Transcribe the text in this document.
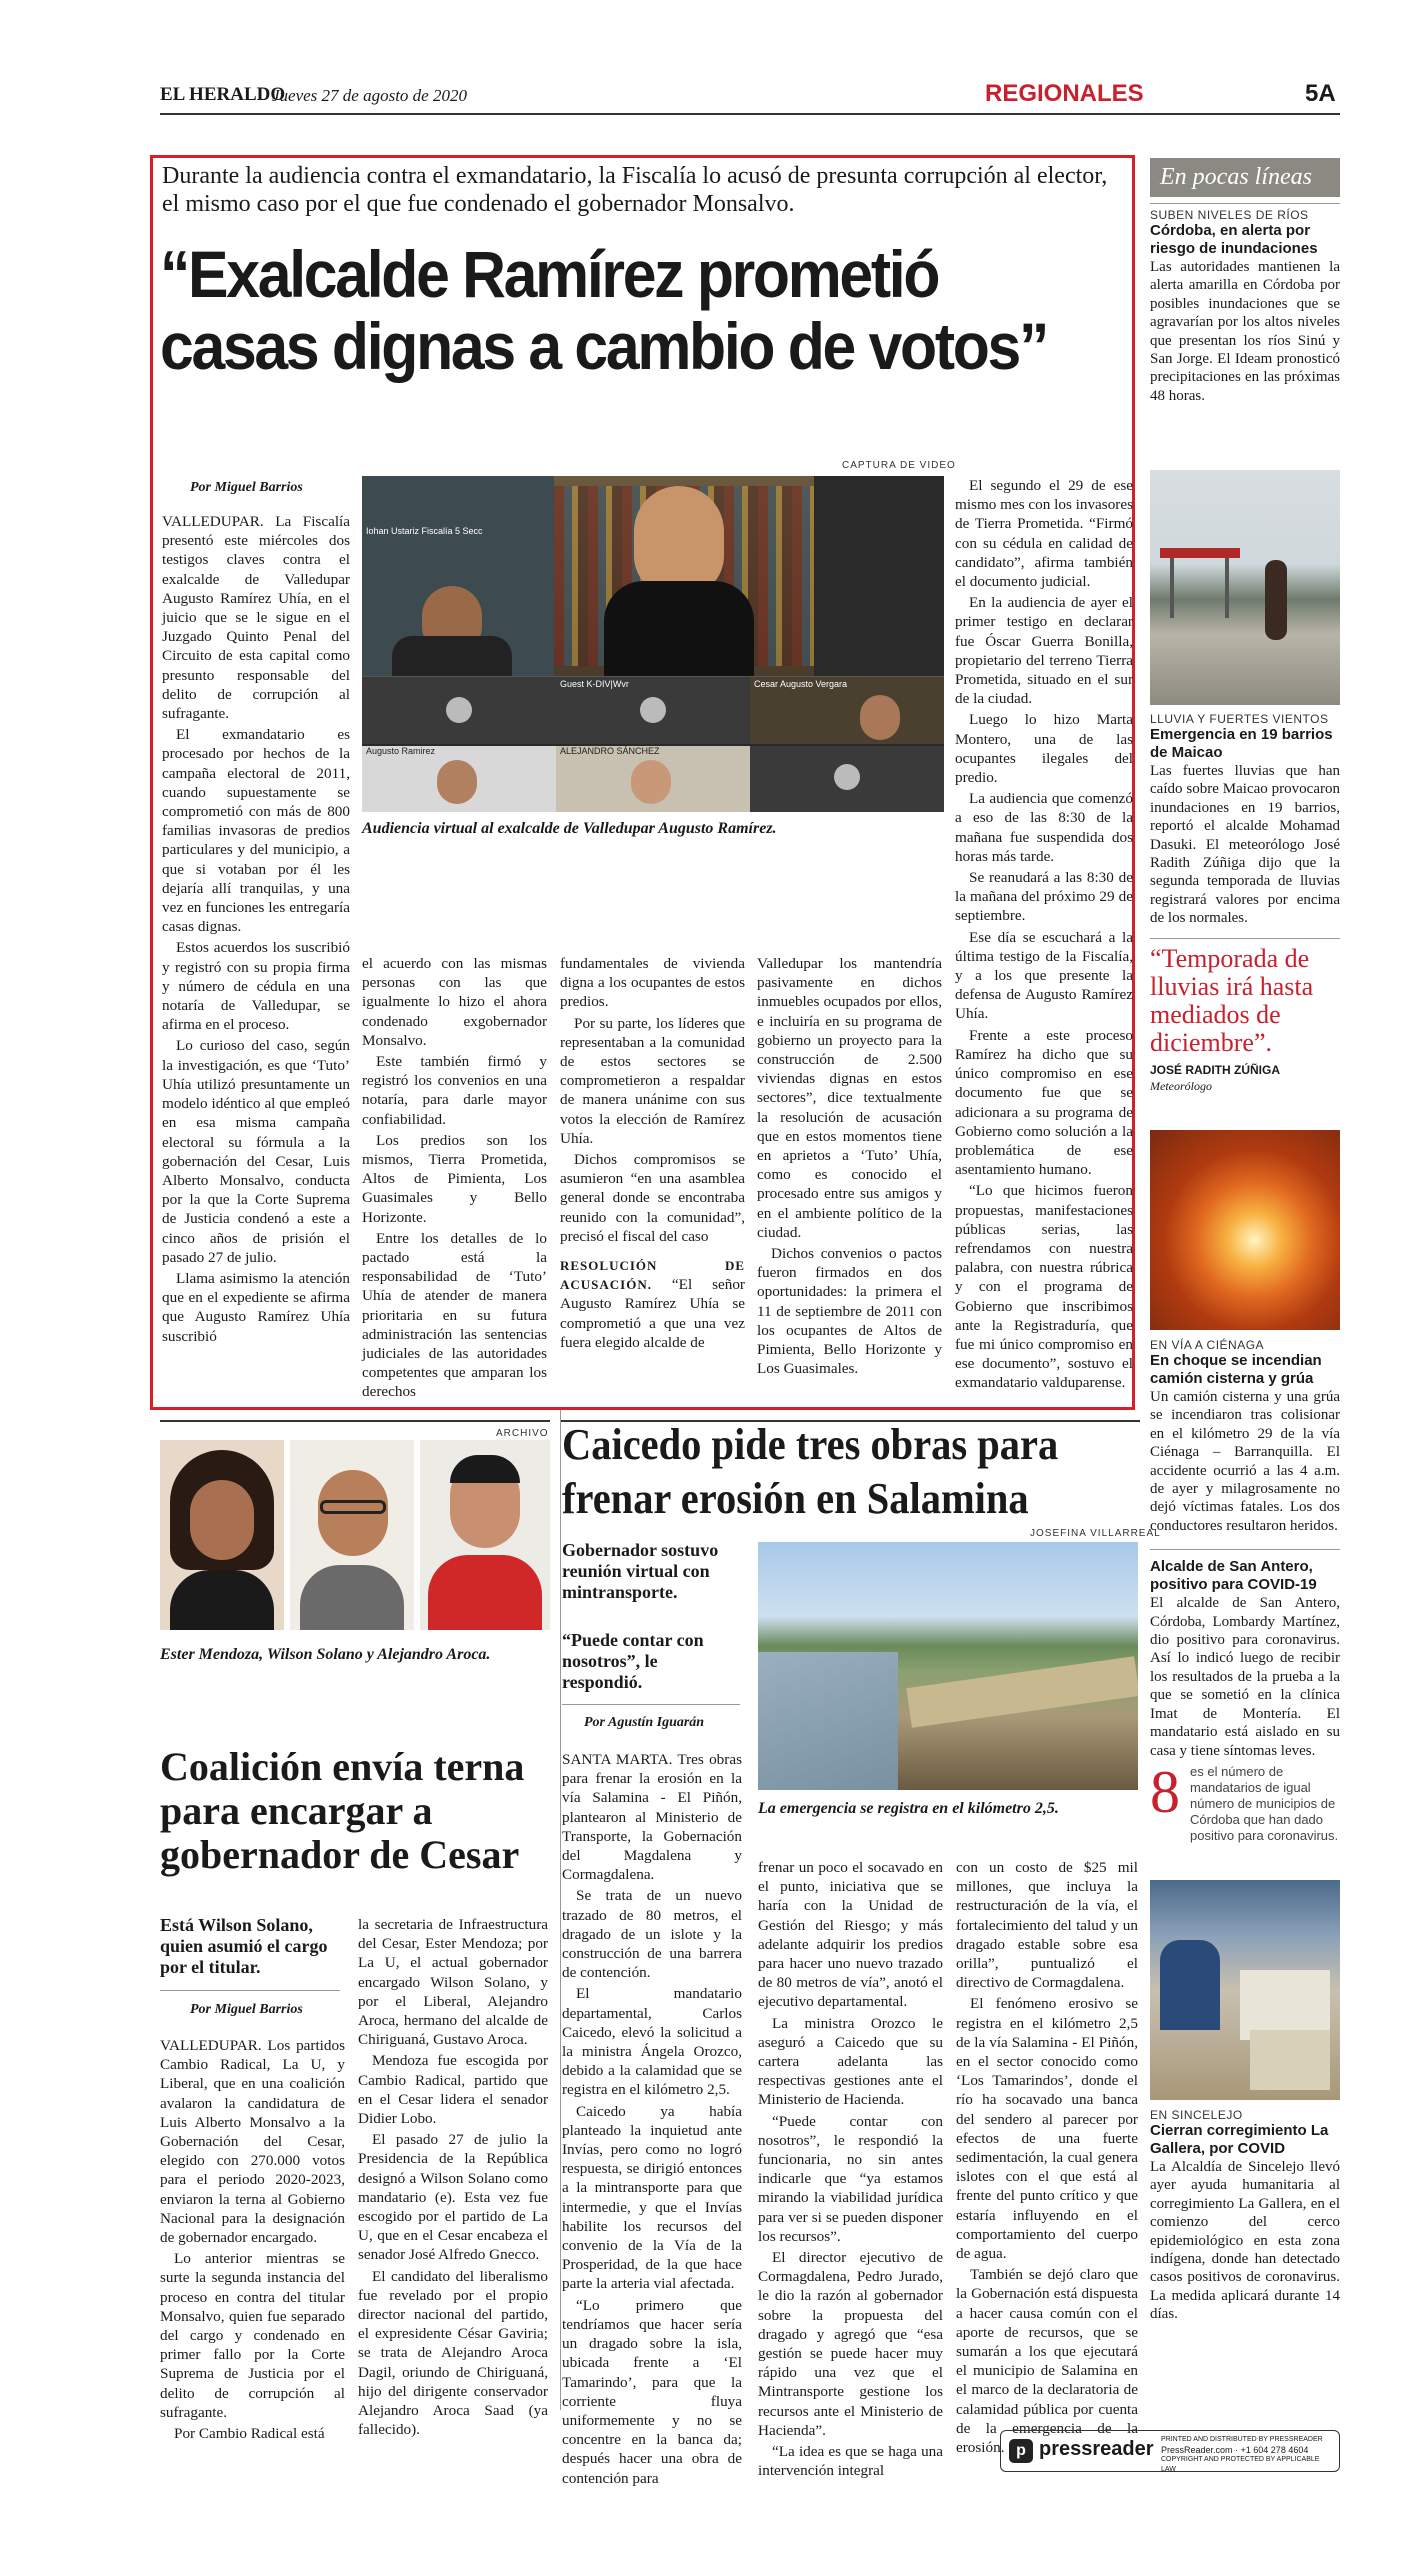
EL HERALDO
Jueves 27 de agosto de 2020	REGIONALES	5A
Durante la audiencia contra el exmandatario, la Fiscalía lo acusó de presunta corrupción al elector, el mismo caso por el que fue condenado el gobernador Monsalvo.
“Exalcalde Ramírez prometió
casas dignas a cambio de votos”
Por Miguel Barrios
CAPTURA DE VIDEO
Iohan Ustariz Fiscalía 5 Secc
Guest K-DIV|Wvr	Cesar Augusto Vergara
Augusto Ramirez	ALEJANDRO SÁNCHEZ
Audiencia virtual al exalcalde de Valledupar Augusto Ramírez.

VALLEDUPAR. La Fiscalía presentó este miércoles dos testigos claves contra el exalcalde de Valledupar Augusto Ramírez Uhía, en el juicio que se le sigue en el Juzgado Quinto Penal del Circuito de esta capital como presunto responsable del delito de corrupción al sufragante.

El exmandatario es procesado por hechos de la campaña electoral de 2011, cuando supuestamente se comprometió con más de 800 familias invasoras de predios particulares y del municipio, a que si votaban por él les dejaría allí tranquilas, y una vez en funciones les entregaría casas dignas.

Estos acuerdos los suscribió y registró con su propia firma y número de cédula en una notaría de Valledupar, se afirma en el proceso.

Lo curioso del caso, según la investigación, es que ‘Tuto’ Uhía utilizó presuntamente un modelo idéntico al que empleó en esa misma campaña electoral su fórmula a la gobernación del Cesar, Luis Alberto Monsalvo, conducta por la que la Corte Suprema de Justicia condenó a este a cinco años de prisión el pasado 27 de julio.

Llama asimismo la atención que en el expediente se afirma que Augusto Ramírez Uhía suscribió

el acuerdo con las mismas personas con las que igualmente lo hizo el ahora condenado exgobernador Monsalvo.

Este también firmó y registró los convenios en una notaría, para darle mayor confiabilidad.

Los predios son los mismos, Tierra Prometida, Altos de Pimienta, Los Guasimales y Bello Horizonte.

Entre los detalles de lo pactado está la responsabilidad de ‘Tuto’ Uhía de atender de manera prioritaria en su futura administración las sentencias judiciales de las autoridades competentes que amparan los derechos

fundamentales de vivienda digna a los ocupantes de estos predios.

Por su parte, los líderes que representaban a la comunidad de estos sectores se comprometieron a respaldar de manera unánime con sus votos la elección de Ramírez Uhía.

Dichos compromisos se asumieron “en una asamblea general donde se encontraba reunido con la comunidad”, precisó el fiscal del caso

RESOLUCIÓN DE ACUSACIÓN. “El señor Augusto Ramírez Uhía se comprometió a que una vez fuera elegido alcalde de

Valledupar los mantendría pasivamente en dichos inmuebles ocupados por ellos, e incluiría en su programa de gobierno un proyecto para la construcción de 2.500 viviendas dignas en estos sectores”, dice textualmente la resolución de acusación que en estos momentos tiene en aprietos a ‘Tuto’ Uhía, como es conocido el procesado entre sus amigos y en el ambiente político de la ciudad.

Dichos convenios o pactos fueron firmados en dos oportunidades: la primera el 11 de septiembre de 2011 con los ocupantes de Altos de Pimienta, Bello Horizonte y Los Guasimales.

El segundo el 29 de ese mismo mes con los invasores de Tierra Prometida. “Firmó con su cédula en calidad de candidato”, afirma también el documento judicial.

En la audiencia de ayer el primer testigo en declarar fue Óscar Guerra Bonilla, propietario del terreno Tierra Prometida, situado en el sur de la ciudad.

Luego lo hizo Marta Montero, una de las ocupantes ilegales del predio.

La audiencia que comenzó a eso de las 8:30 de la mañana fue suspendida dos horas más tarde.

Se reanudará a las 8:30 de la mañana del próximo 29 de septiembre.

Ese día se escuchará a la última testigo de la Fiscalía, y a los que presente la defensa de Augusto Ramírez Uhía.

Frente a este proceso Ramírez ha dicho que su único compromiso en ese documento fue que se adicionara a su programa de Gobierno como solución a la problemática de ese asentamiento humano.

“Lo que hicimos fueron propuestas, manifestaciones públicas serias, las refrendamos con nuestra palabra, con nuestra rúbrica y con el programa de Gobierno que inscribimos ante la Registraduría, que fue mi único compromiso en ese documento”, sostuvo el exmandatario valduparense.

En pocas líneas
SUBEN NIVELES DE RÍOS
Córdoba, en alerta por riesgo de inundaciones

Las autoridades mantienen la alerta amarilla en Córdoba por posibles inundaciones que se agravarían por los altos niveles que presentan los ríos Sinú y San Jorge. El Ideam pronosticó precipitaciones en las próximas 48 horas.

LLUVIA Y FUERTES VIENTOS
Emergencia en 19 barrios de Maicao

Las fuertes lluvias que han caído sobre Maicao provocaron inundaciones en 19 barrios, reportó el alcalde Mohamad Dasuki. El meteorólogo José Radith Zúñiga dijo que la segunda temporada de lluvias registrará valores por encima de los normales.

“Temporada de lluvias irá hasta mediados de diciembre”.
JOSÉ RADITH ZÚÑIGA
Meteorólogo
EN VÍA A CIÉNAGA
En choque se incendian camión cisterna y grúa

Un camión cisterna y una grúa se incendiaron tras colisionar en el kilómetro 29 de la vía Ciénaga – Barranquilla. El accidente ocurrió a las 4 a.m. de ayer y milagrosamente no dejó víctimas fatales. Los dos conductores resultaron heridos.

Alcalde de San Antero, positivo para COVID-19

El alcalde de San Antero, Córdoba, Lombardy Martínez, dio positivo para coronavirus. Así lo indicó luego de recibir los resultados de la prueba a la que se sometió en la clínica Imat de Montería. El mandatario está aislado en su casa y tiene síntomas leves.

8 es el número de mandatarios de igual número de municipios de Córdoba que han dado positivo para coronavirus.
EN SINCELEJO
Cierran corregimiento La Gallera, por COVID

La Alcaldía de Sincelejo llevó ayer ayuda humanitaria al corregimiento La Gallera, en el comienzo del cerco epidemiológico en esta zona indígena, donde han detectado casos positivos de coronavirus. La medida aplicará durante 14 días.

ARCHIVO
Ester Mendoza, Wilson Solano y Alejandro Aroca.
Coalición envía terna para encargar a gobernador de Cesar
Está Wilson Solano, quien asumió el cargo por el titular.
Por Miguel Barrios

VALLEDUPAR. Los partidos Cambio Radical, La U, y Liberal, que en una coalición avalaron la candidatura de Luis Alberto Monsalvo a la Gobernación del Cesar, elegido con 270.000 votos para el periodo 2020-2023, enviaron la terna al Gobierno Nacional para la designación de gobernador encargado.

Lo anterior mientras se surte la segunda instancia del proceso en contra del titular Monsalvo, quien fue separado del cargo y condenado en primer fallo por la Corte Suprema de Justicia por el delito de corrupción al sufragante.

Por Cambio Radical está

la secretaria de Infraestructura del Cesar, Ester Mendoza; por La U, el actual gobernador encargado Wilson Solano, y por el Liberal, Alejandro Aroca, hermano del alcalde de Chiriguaná, Gustavo Aroca.

Mendoza fue escogida por Cambio Radical, partido que en el Cesar lidera el senador Didier Lobo.

El pasado 27 de julio la Presidencia de la República designó a Wilson Solano como mandatario (e). Esta vez fue escogido por el partido de La U, que en el Cesar encabeza el senador José Alfredo Gnecco.

El candidato del liberalismo fue revelado por el propio director nacional del partido, el expresidente César Gaviria; se trata de Alejandro Aroca Dagil, oriundo de Chiriguaná, hijo del dirigente conservador Alejandro Aroca Saad (ya fallecido).

Caicedo pide tres obras para frenar erosión en Salamina
Gobernador sostuvo reunión virtual con mintransporte.
“Puede contar con nosotros”, le respondió.
Por Agustín Iguarán
JOSEFINA VILLARREAL
La emergencia se registra en el kilómetro 2,5.

SANTA MARTA. Tres obras para frenar la erosión en la vía Salamina - El Piñón, plantearon al Ministerio de Transporte, la Gobernación del Magdalena y Cormagdalena.

Se trata de un nuevo trazado de 80 metros, el dragado de un islote y la construcción de una barrera de contención.

El mandatario departamental, Carlos Caicedo, elevó la solicitud a la ministra Ángela Orozco, debido a la calamidad que se registra en el kilómetro 2,5.

Caicedo ya había planteado la inquietud ante Invías, pero como no logró respuesta, se dirigió entonces a la mintransporte para que intermedie, y que el Invías habilite los recursos del convenio de la Vía de la Prosperidad, de la que hace parte la arteria vial afectada.

“Lo primero que tendríamos que hacer sería un dragado sobre la isla, ubicada frente a ‘El Tamarindo’, para que la corriente fluya uniformemente y no se concentre en la banca da; después hacer una obra de contención para

frenar un poco el socavado en el punto, iniciativa que se haría con la Unidad de Gestión del Riesgo; y más adelante adquirir los predios para hacer uno nuevo trazado de 80 metros de vía”, anotó el ejecutivo departamental.

La ministra Orozco le aseguró a Caicedo que su cartera adelanta las respectivas gestiones ante el Ministerio de Hacienda.

“Puede contar con nosotros”, le respondió la funcionaria, no sin antes indicarle que “ya estamos mirando la viabilidad jurídica para ver si se pueden disponer los recursos”.

El director ejecutivo de Cormagdalena, Pedro Jurado, le dio la razón al gobernador sobre la propuesta del dragado y agregó que “esa gestión se puede hacer muy rápido una vez que el Mintransporte gestione los recursos ante el Ministerio de Hacienda”.

“La idea es que se haga una intervención integral

con un costo de $25 mil millones, que incluya la restructuración de la vía, el fortalecimiento del talud y un dragado estable sobre esa orilla”, puntualizó el directivo de Cormagdalena.

El fenómeno erosivo se registra en el kilómetro 2,5 de la vía Salamina - El Piñón, en el sector conocido como ‘Los Tamarindos’, donde el río ha socavado una banca del sendero al parecer por efectos de una fuerte sedimentación, la cual genera islotes con el que está al frente del punto crítico y que estaría influyendo en el comportamiento del cuerpo de agua.

También se dejó claro que la Gobernación está dispuesta a hacer causa común con el aporte de recursos, que se sumarán a los que ejecutará el municipio de Salamina en el marco de la declaratoria de calamidad pública por cuenta de la emergencia de la erosión. p pressreader PRINTED AND DISTRIBUTED BY PRESSREADER
PressReader.com · +1 604 278 4604
COPYRIGHT AND PROTECTED BY APPLICABLE LAW
